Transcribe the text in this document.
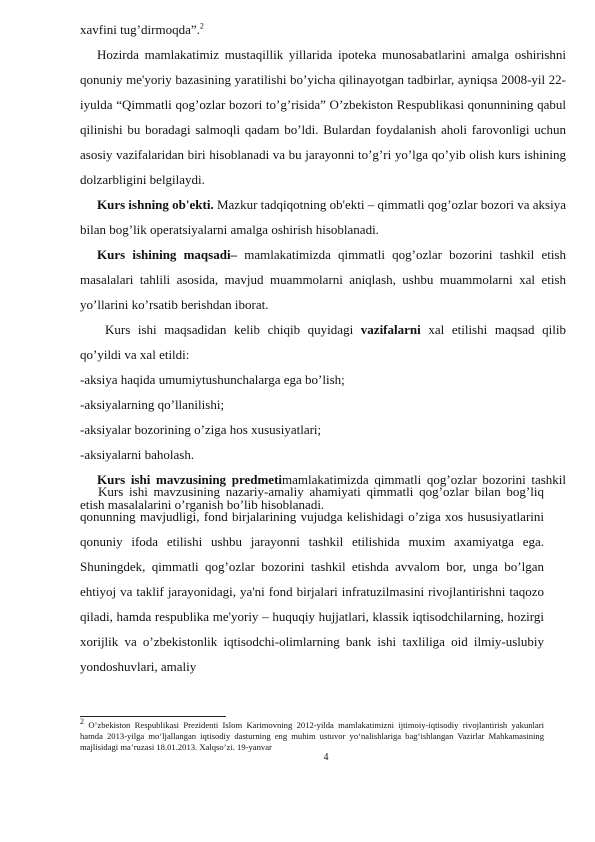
xavfini tug’dirmoqda”.$^2$

Hozirda mamlakatimiz mustaqillik yillarida ipoteka munosabatlarini amalga oshirishni qonuniy me'yoriy bazasining yaratilishi bo’yicha qilinayotgan tadbirlar, ayniqsa 2008-yil 22-iyulda “Qimmatli qog’ozlar bozori to’g’risida” O’zbekiston Respublikasi qonunnining qabul qilinishi bu boradagi salmoqli qadam bo’ldi. Bulardan foydalanish aholi farovonligi uchun asosiy vazifalaridan biri hisoblanadi va bu jarayonni to’g’ri yo’lga qo’yib olish kurs ishining dolzarbligini belgilaydi.

Kurs ishning ob'ekti. Mazkur tadqiqotning ob'ekti – qimmatli qog’ozlar bozori va aksiya bilan bog’lik operatsiyalarni amalga oshirish hisoblanadi.

Kurs ishining maqsadi– mamlakatimizda qimmatli qog’ozlar bozorini tashkil etish masalalari tahlili asosida, mavjud muammolarni aniqlash, ushbu muammolarni xal etish yo’llarini ko’rsatib berishdan iborat.

Kurs ishi maqsadidan kelib chiqib quyidagi vazifalarni xal etilishi maqsad qilib qo’yildi va xal etildi:

-aksiya haqida umumiytushunchalarga ega bo’lish;

-aksiyalarning qo’llanilishi;

-aksiyalar bozorining o’ziga hos xususiyatlari;

-aksiyalarni baholash.

Kurs ishi mavzusining predmetimamlakatimizda qimmatli qog’ozlar bozorini tashkil etish masalalarini o’rganish bo’lib hisoblanadi.

Kurs ishi mavzusining nazariy-amaliy ahamiyati qimmatli qog’ozlar bilan bog’liq qonunning mavjudligi, fond birjalarining vujudga kelishidagi o’ziga xos hususiyatlarini qonuniy ifoda etilishi ushbu jarayonni tashkil etilishida muxim axamiyatga ega. Shuningdek, qimmatli qog’ozlar bozorini tashkil etishda avvalom bor, unga bo’lgan ehtiyoj va taklif jarayonidagi, ya'ni fond birjalari infratuzilmasini rivojlantirishni taqozo qiladi, hamda respublika me'yoriy – huquqiy hujjatlari, klassik iqtisodchilarning, hozirgi xorijlik va o’zbekistonlik iqtisodchi-olimlarning bank ishi taxliliga oid ilmiy-uslubiy yondoshuvlari, amaliy

$^2$ O’zbekiston Respublikasi Prezidenti Islom Karimovning 2012-yilda mamlakatimizni ijtimoiy-iqtisodiy rivojlantirish yakunlari hamda 2013-yilga mo‘ljallangan iqtisodiy dasturning eng muhim ustuvor yo‘nalishlariga bag‘ishlangan Vazirlar Mahkamasining majlisidagi ma’ruzasi 18.01.2013. Xalqso’zi. 19-yanvar
4
